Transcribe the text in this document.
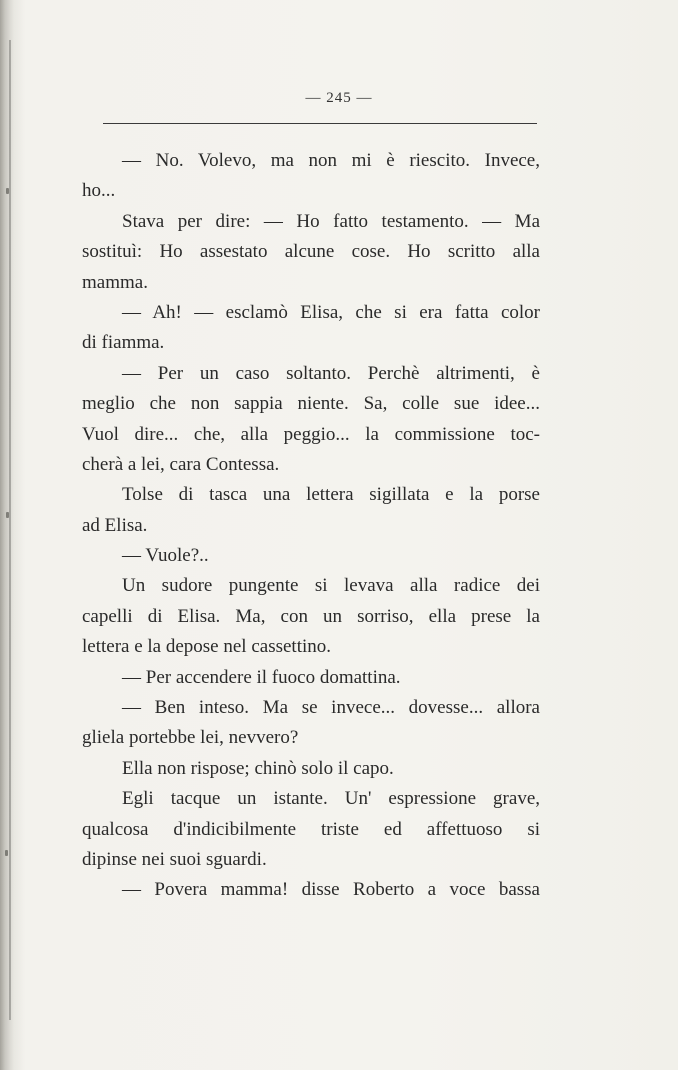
— 245 —
— No. Volevo, ma non mi è riescito. Invece,
ho...
Stava per dire: — Ho fatto testamento. — Ma
sostituì: Ho assestato alcune cose. Ho scritto alla
mamma.
— Ah! — esclamò Elisa, che si era fatta color
di fiamma.
— Per un caso soltanto. Perchè altrimenti, è
meglio che non sappia niente. Sa, colle sue idee...
Vuol dire... che, alla peggio... la commissione toc-
cherà a lei, cara Contessa.
Tolse di tasca una lettera sigillata e la porse
ad Elisa.
— Vuole?..
Un sudore pungente si levava alla radice dei
capelli di Elisa. Ma, con un sorriso, ella prese la
lettera e la depose nel cassettino.
— Per accendere il fuoco domattina.
— Ben inteso. Ma se invece... dovesse... allora
gliela portebbe lei, nevvero?
Ella non rispose; chinò solo il capo.
Egli tacque un istante. Un' espressione grave,
qualcosa d'indicibilmente triste ed affettuoso si
dipinse nei suoi sguardi.
— Povera mamma! disse Roberto a voce bassa
